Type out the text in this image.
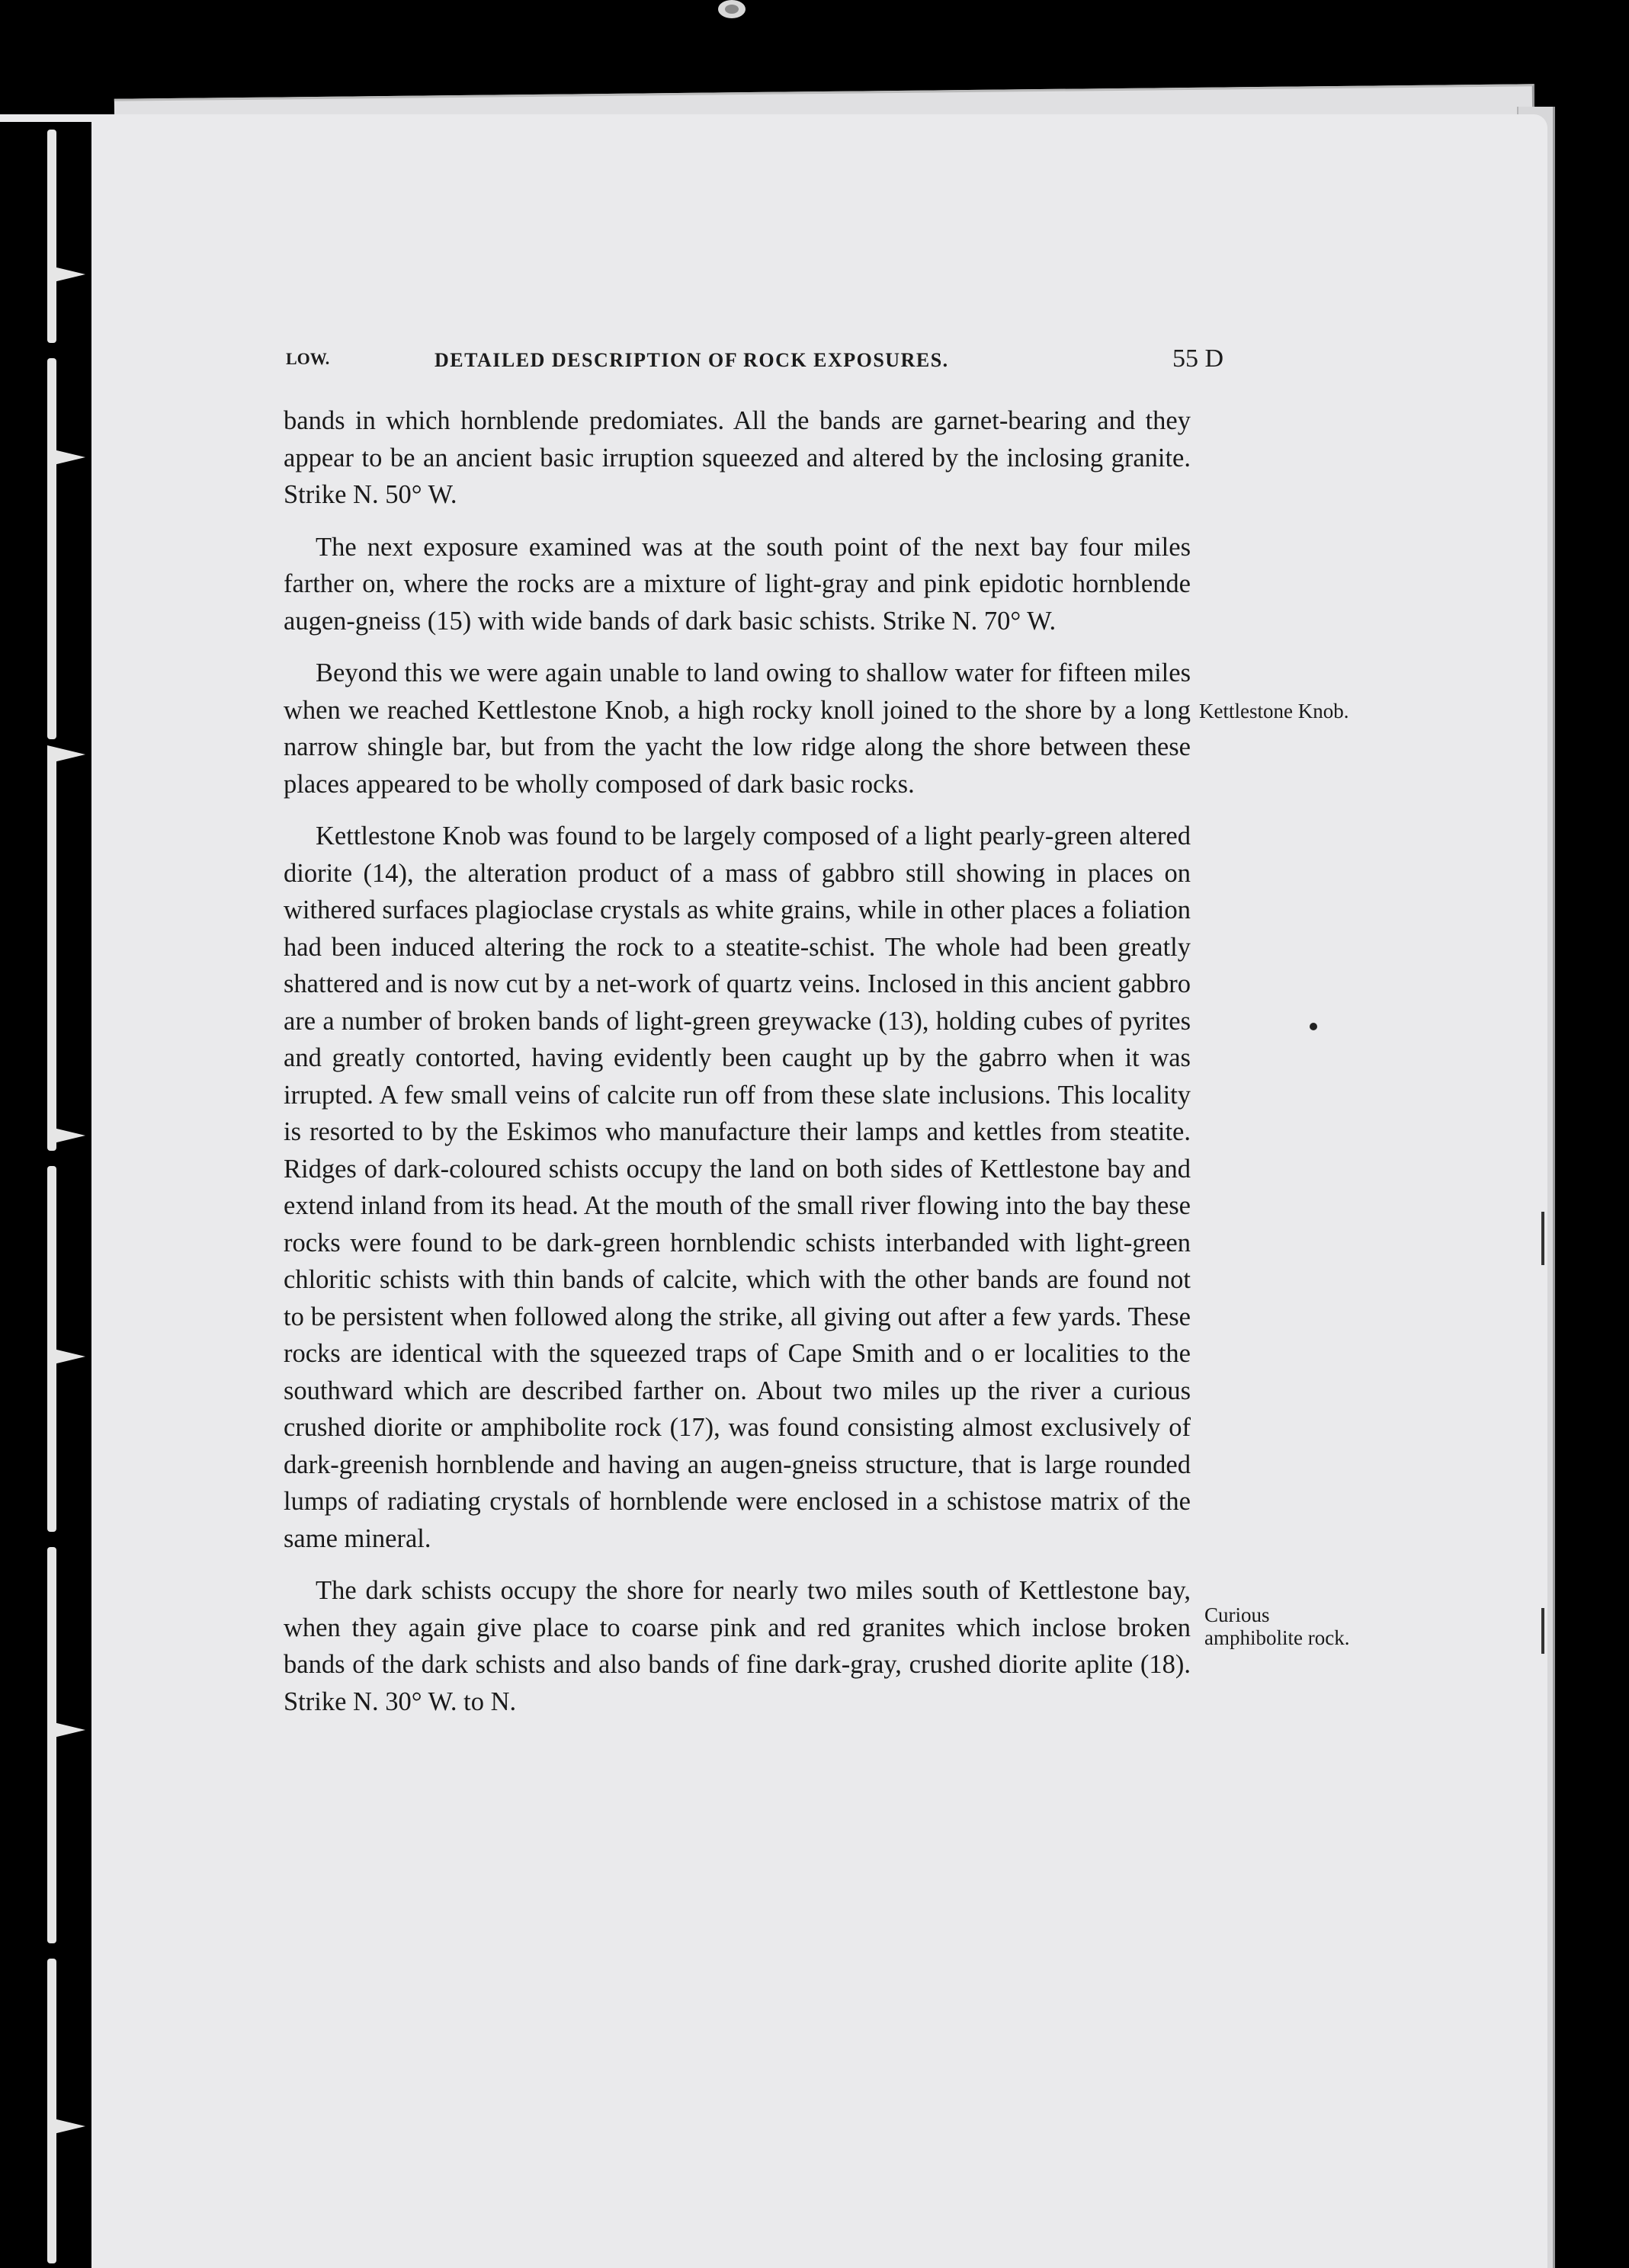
LOW.	DETAILED DESCRIPTION OF ROCK EXPOSURES.	55 D

bands in which hornblende predomiates. All the bands are garnet-bearing and they appear to be an ancient basic irruption squeezed and altered by the inclosing granite. Strike N. 50° W.

The next exposure examined was at the south point of the next bay four miles farther on, where the rocks are a mixture of light-gray and pink epidotic hornblende augen-gneiss (15) with wide bands of dark basic schists. Strike N. 70° W.

Beyond this we were again unable to land owing to shallow water for fifteen miles when we reached Kettlestone Knob, a high rocky knoll joined to the shore by a long narrow shingle bar, but from the yacht the low ridge along the shore between these places appeared to be wholly composed of dark basic rocks.

Kettlestone Knob was found to be largely composed of a light pearly-green altered diorite (14), the alteration product of a mass of gabbro still showing in places on withered surfaces plagioclase crystals as white grains, while in other places a foliation had been induced altering the rock to a steatite-schist. The whole had been greatly shattered and is now cut by a net-work of quartz veins. Inclosed in this ancient gabbro are a number of broken bands of light-green greywacke (13), holding cubes of pyrites and greatly contorted, having evidently been caught up by the gabrro when it was irrupted. A few small veins of calcite run off from these slate inclusions. This locality is resorted to by the Eskimos who manufacture their lamps and kettles from steatite. Ridges of dark-coloured schists occupy the land on both sides of Kettlestone bay and extend inland from its head. At the mouth of the small river flowing into the bay these rocks were found to be dark-green hornblendic schists interbanded with light-green chloritic schists with thin bands of calcite, which with the other bands are found not to be persistent when followed along the strike, all giving out after a few yards. These rocks are identical with the squeezed traps of Cape Smith and o er localities to the southward which are described farther on. About two miles up the river a curious crushed diorite or amphibolite rock (17), was found consisting almost exclusively of dark-greenish hornblende and having an augen-gneiss structure, that is large rounded lumps of radiating crystals of hornblende were enclosed in a schistose matrix of the same mineral.

The dark schists occupy the shore for nearly two miles south of Kettlestone bay, when they again give place to coarse pink and red granites which inclose broken bands of the dark schists and also bands of fine dark-gray, crushed diorite aplite (18). Strike N. 30° W. to N.

Kettlestone Knob.
Curious amphibolite rock.
